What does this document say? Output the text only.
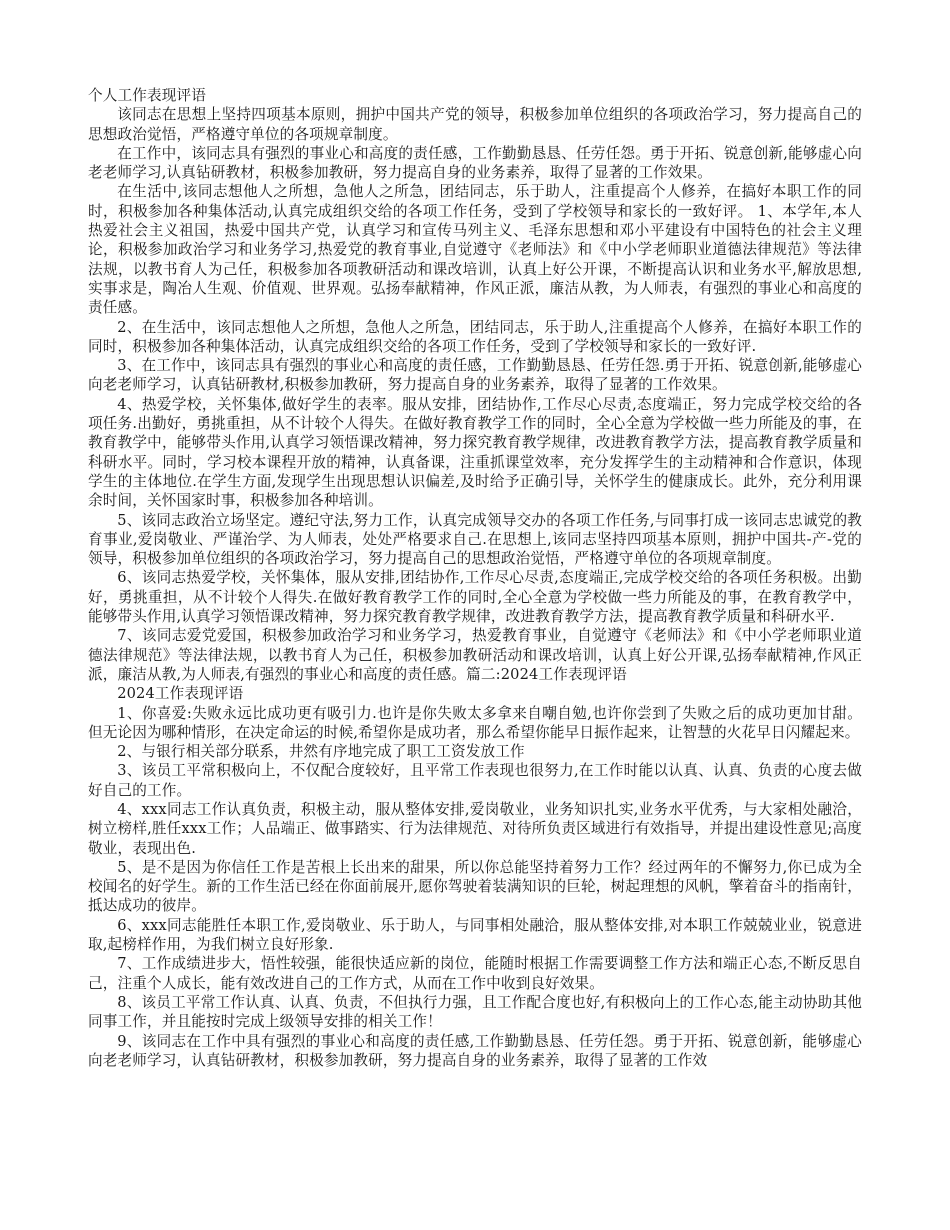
个人工作表现评语

该同志在思想上坚持四项基本原则，拥护中国共产党的领导，积极参加单位组织的各项政治学习，努力提高自己的思想政治觉悟，严格遵守单位的各项规章制度。

在工作中，该同志具有强烈的事业心和高度的责任感，工作勤勤恳恳、任劳任怨。勇于开拓、锐意创新,能够虚心向老老师学习,认真钻研教材，积极参加教研，努力提高自身的业务素养，取得了显著的工作效果。

在生活中,该同志想他人之所想，急他人之所急，团结同志，乐于助人，注重提高个人修养，在搞好本职工作的同时，积极参加各种集体活动,认真完成组织交给的各项工作任务，受到了学校领导和家长的一致好评。 1、本学年,本人热爱社会主义祖国，热爱中国共产党，认真学习和宣传马列主义、毛泽东思想和邓小平建设有中国特色的社会主义理论，积极参加政治学习和业务学习,热爱党的教育事业,自觉遵守《老师法》和《中小学老师职业道德法律规范》等法律法规，以教书育人为己任，积极参加各项教研活动和课改培训，认真上好公开课，不断提高认识和业务水平,解放思想,实事求是，陶冶人生观、价值观、世界观。弘扬奉献精神，作风正派，廉洁从教，为人师表，有强烈的事业心和高度的责任感。

2、在生活中，该同志想他人之所想，急他人之所急，团结同志，乐于助人,注重提高个人修养，在搞好本职工作的同时，积极参加各种集体活动，认真完成组织交给的各项工作任务，受到了学校领导和家长的一致好评.

3、在工作中，该同志具有强烈的事业心和高度的责任感，工作勤勤恳恳、任劳任怨.勇于开拓、锐意创新,能够虚心向老老师学习，认真钻研教材,积极参加教研，努力提高自身的业务素养，取得了显著的工作效果。

4、热爱学校，关怀集体,做好学生的表率。服从安排，团结协作,工作尽心尽责,态度端正，努力完成学校交给的各项任务.出勤好，勇挑重担，从不计较个人得失。在做好教育教学工作的同时，全心全意为学校做一些力所能及的事，在教育教学中，能够带头作用,认真学习领悟课改精神，努力探究教育教学规律，改进教育教学方法，提高教育教学质量和科研水平。同时，学习校本课程开放的精神，认真备课，注重抓课堂效率，充分发挥学生的主动精神和合作意识，体现学生的主体地位.在学生方面,发现学生出现思想认识偏差,及时给予正确引导，关怀学生的健康成长。此外，充分利用课余时间，关怀国家时事，积极参加各种培训。

5、该同志政治立场坚定。遵纪守法,努力工作，认真完成领导交办的各项工作任务,与同事打成一该同志忠诚党的教育事业,爱岗敬业、严谨治学、为人师表，处处严格要求自己.在思想上,该同志坚持四项基本原则，拥护中国共-产-党的领导，积极参加单位组织的各项政治学习，努力提高自己的思想政治觉悟，严格遵守单位的各项规章制度。

6、该同志热爱学校，关怀集体，服从安排,团结协作,工作尽心尽责,态度端正,完成学校交给的各项任务积极。出勤好，勇挑重担，从不计较个人得失.在做好教育教学工作的同时,全心全意为学校做一些力所能及的事，在教育教学中，能够带头作用,认真学习领悟课改精神，努力探究教育教学规律，改进教育教学方法，提高教育教学质量和科研水平.

7、该同志爱党爱国，积极参加政治学习和业务学习，热爱教育事业，自觉遵守《老师法》和《中小学老师职业道德法律规范》等法律法规，以教书育人为己任，积极参加教研活动和课改培训，认真上好公开课,弘扬奉献精神,作风正派，廉洁从教,为人师表,有强烈的事业心和高度的责任感。篇二:2024工作表现评语

2024工作表现评语

1、你喜爱:失败永远比成功更有吸引力.也许是你失败太多拿来自嘲自勉,也许你尝到了失败之后的成功更加甘甜。但无论因为哪种情形，在决定命运的时候,希望你是成功者，那么希望你能早日振作起来，让智慧的火花早日闪耀起来。

2、与银行相关部分联系，井然有序地完成了职工工资发放工作

3、该员工平常积极向上，不仅配合度较好，且平常工作表现也很努力,在工作时能以认真、认真、负责的心度去做好自己的工作。

4、xxx同志工作认真负责，积极主动，服从整体安排,爱岗敬业，业务知识扎实,业务水平优秀，与大家相处融洽，树立榜样,胜任xxx工作；人品端正、做事踏实、行为法律规范、对待所负责区域进行有效指导，并提出建设性意见;高度敬业，表现出色.

5、是不是因为你信任工作是苦根上长出来的甜果，所以你总能坚持着努力工作？经过两年的不懈努力,你已成为全校闻名的好学生。新的工作生活已经在你面前展开,愿你驾驶着装满知识的巨轮，树起理想的风帆，擎着奋斗的指南针，抵达成功的彼岸。

6、xxx同志能胜任本职工作,爱岗敬业、乐于助人，与同事相处融洽，服从整体安排,对本职工作兢兢业业，锐意进取,起榜样作用，为我们树立良好形象.

7、工作成绩进步大，悟性较强，能很快适应新的岗位，能随时根据工作需要调整工作方法和端正心态,不断反思自己，注重个人成长，能有效改进自己的工作方式，从而在工作中收到良好效果。

8、该员工平常工作认真、认真、负责，不但执行力强，且工作配合度也好,有积极向上的工作心态,能主动协助其他同事工作，并且能按时完成上级领导安排的相关工作！

9、该同志在工作中具有强烈的事业心和高度的责任感,工作勤勤恳恳、任劳任怨。勇于开拓、锐意创新，能够虚心向老老师学习，认真钻研教材，积极参加教研，努力提高自身的业务素养，取得了显著的工作效
